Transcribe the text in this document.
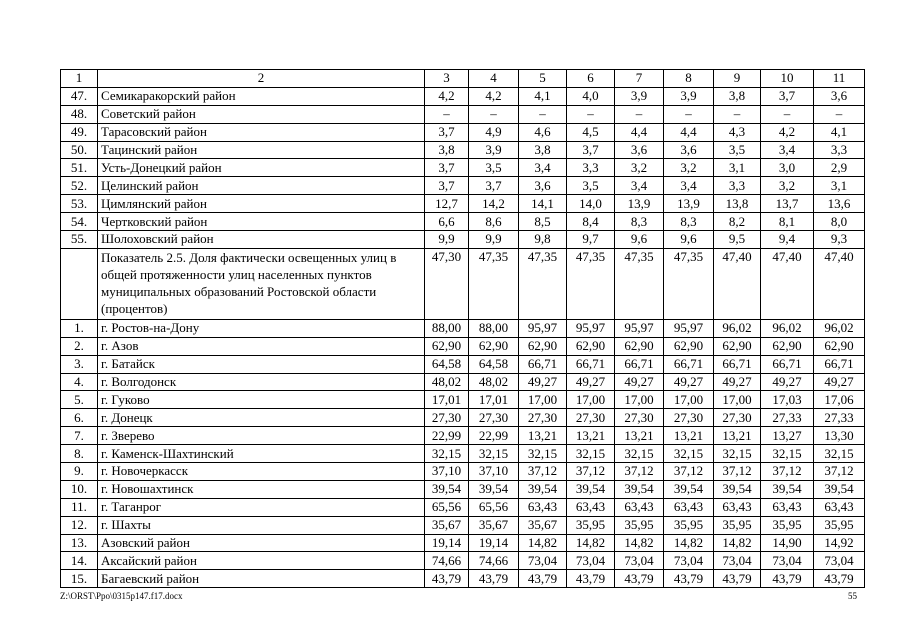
1	2	3	4	5	6	7	8	9	10	11
47.	Семикаракорский район	4,2	4,2	4,1	4,0	3,9	3,9	3,8	3,7	3,6
48.	Советский район	–	–	–	–	–	–	–	–	–
49.	Тарасовский район	3,7	4,9	4,6	4,5	4,4	4,4	4,3	4,2	4,1
50.	Тацинский район	3,8	3,9	3,8	3,7	3,6	3,6	3,5	3,4	3,3
51.	Усть-Донецкий район	3,7	3,5	3,4	3,3	3,2	3,2	3,1	3,0	2,9
52.	Целинский район	3,7	3,7	3,6	3,5	3,4	3,4	3,3	3,2	3,1
53.	Цимлянский район	12,7	14,2	14,1	14,0	13,9	13,9	13,8	13,7	13,6
54.	Чертковский район	6,6	8,6	8,5	8,4	8,3	8,3	8,2	8,1	8,0
55.	Шолоховский район	9,9	9,9	9,8	9,7	9,6	9,6	9,5	9,4	9,3
	Показатель 2.5. Доля фактически освещенных улиц в общей протяженности улиц населенных пунктов муниципальных образований Ростовской области (процентов)	47,30	47,35	47,35	47,35	47,35	47,35	47,40	47,40	47,40
1.	г. Ростов-на-Дону	88,00	88,00	95,97	95,97	95,97	95,97	96,02	96,02	96,02
2.	г. Азов	62,90	62,90	62,90	62,90	62,90	62,90	62,90	62,90	62,90
3.	г. Батайск	64,58	64,58	66,71	66,71	66,71	66,71	66,71	66,71	66,71
4.	г. Волгодонск	48,02	48,02	49,27	49,27	49,27	49,27	49,27	49,27	49,27
5.	г. Гуково	17,01	17,01	17,00	17,00	17,00	17,00	17,00	17,03	17,06
6.	г. Донецк	27,30	27,30	27,30	27,30	27,30	27,30	27,30	27,33	27,33
7.	г. Зверево	22,99	22,99	13,21	13,21	13,21	13,21	13,21	13,27	13,30
8.	г. Каменск-Шахтинский	32,15	32,15	32,15	32,15	32,15	32,15	32,15	32,15	32,15
9.	г. Новочеркасск	37,10	37,10	37,12	37,12	37,12	37,12	37,12	37,12	37,12
10.	г. Новошахтинск	39,54	39,54	39,54	39,54	39,54	39,54	39,54	39,54	39,54
11.	г. Таганрог	65,56	65,56	63,43	63,43	63,43	63,43	63,43	63,43	63,43
12.	г. Шахты	35,67	35,67	35,67	35,95	35,95	35,95	35,95	35,95	35,95
13.	Азовский район	19,14	19,14	14,82	14,82	14,82	14,82	14,82	14,90	14,92
14.	Аксайский район	74,66	74,66	73,04	73,04	73,04	73,04	73,04	73,04	73,04
15.	Багаевский район	43,79	43,79	43,79	43,79	43,79	43,79	43,79	43,79	43,79
Z:\ORST\Ppo\0315p147.f17.docx	55
